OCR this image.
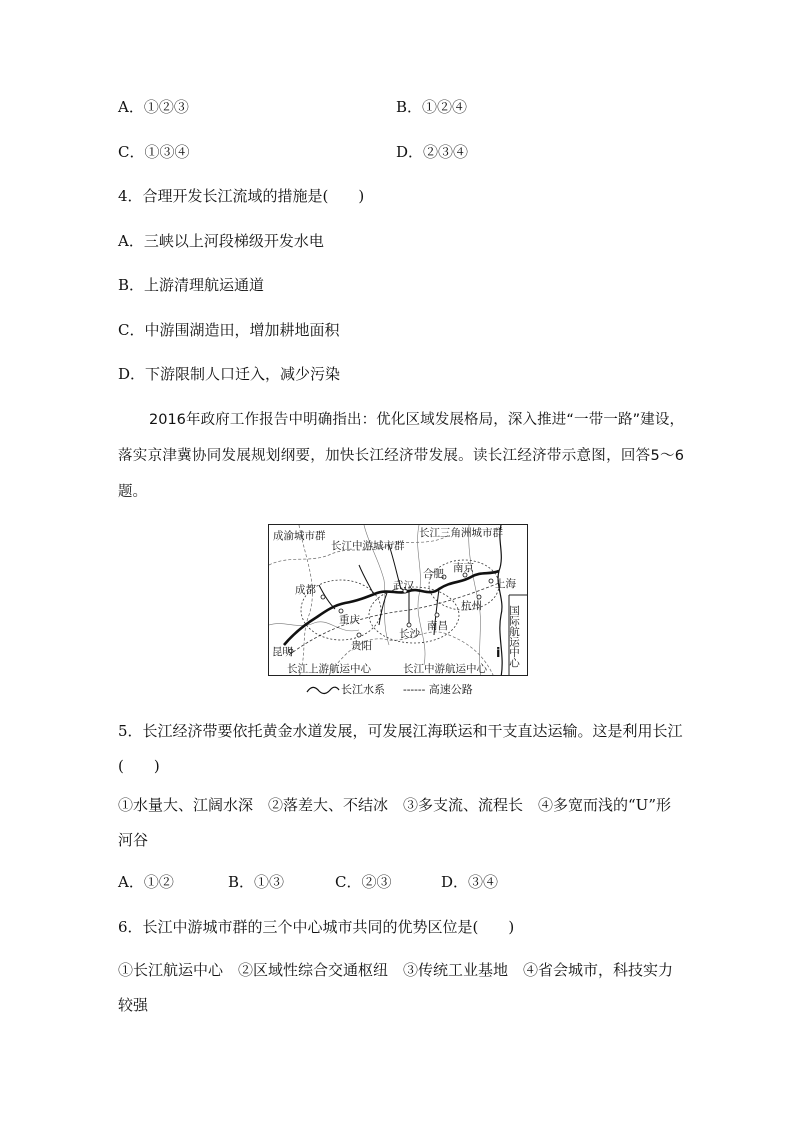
A．①②③	B．①②④
C．①③④	D．②③④
4．合理开发长江流域的措施是(　　)
A．三峡以上河段梯级开发水电
B．上游清理航运通道
C．中游围湖造田，增加耕地面积
D．下游限制人口迁入，减少污染
2016年政府工作报告中明确指出：优化区域发展格局，深入推进“一带一路”建设，落实京津冀协同发展规划纲要，加快长江经济带发展。读长江经济带示意图，回答5～6题。
成渝城市群
长江中游城市群
长江三角洲城市群
成都
重庆
贵阳
昆明
武汉
合肥 南京
上海
杭州
长沙
南昌
长江上游航运中心	长江中游航运中心
国际航运中心
i
长江水系 ------ 高速公路
5．长江经济带要依托黄金水道发展，可发展江海联运和干支直达运输。这是利用长江(　　)
①水量大、江阔水深　②落差大、不结冰　③多支流、流程长　④多宽而浅的“U”形河谷
A．①②	B．①③	C．②③	D．③④
6．长江中游城市群的三个中心城市共同的优势区位是(　　)
①长江航运中心　②区域性综合交通枢纽　③传统工业基地　④省会城市，科技实力较强
